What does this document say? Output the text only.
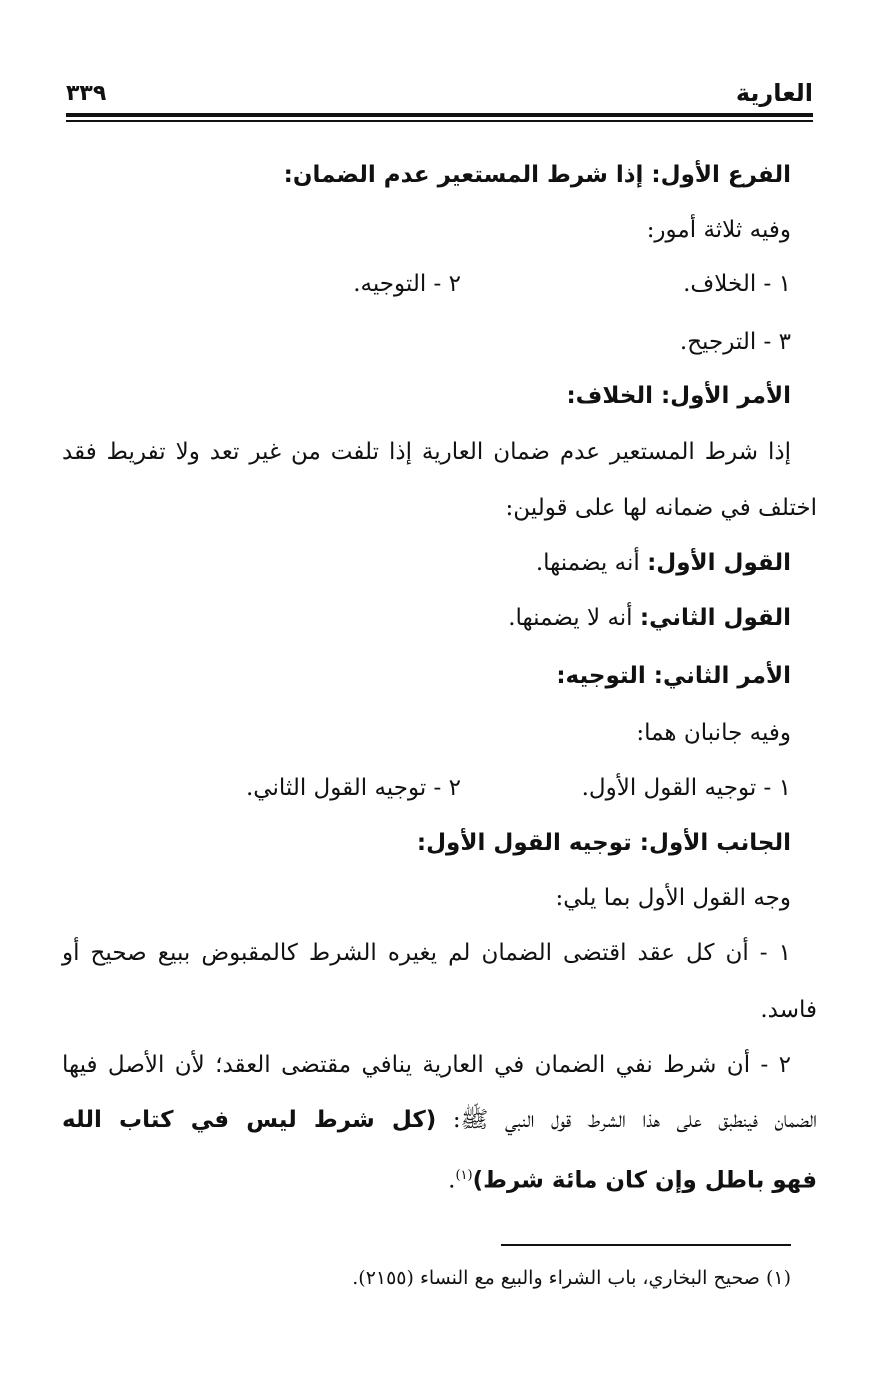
العارية
٣٣٩
الفرع الأول: إذا شرط المستعير عدم الضمان:
وفيه ثلاثة أمور:
١ - الخلاف.
٢ - التوجيه.
٣ - الترجيح.
الأمر الأول: الخلاف:
إذا شرط المستعير عدم ضمان العارية إذا تلفت من غير تعد ولا تفريط فقد
اختلف في ضمانه لها على قولين:
القول الأول: أنه يضمنها.
القول الثاني: أنه لا يضمنها.
الأمر الثاني: التوجيه:
وفيه جانبان هما:
١ - توجيه القول الأول.
٢ - توجيه القول الثاني.
الجانب الأول: توجيه القول الأول:
وجه القول الأول بما يلي:
١ - أن كل عقد اقتضى الضمان لم يغيره الشرط كالمقبوض ببيع صحيح أو
فاسد.
٢ - أن شرط نفي الضمان في العارية ينافي مقتضى العقد؛ لأن الأصل فيها
الضمان فينطبق على هذا الشرط قول النبي ﷺ: (كل شرط ليس في كتاب الله
فهو باطل وإن كان مائة شرط)$^{(١)}$.
(١) صحيح البخاري، باب الشراء والبيع مع النساء (٢١٥٥).
